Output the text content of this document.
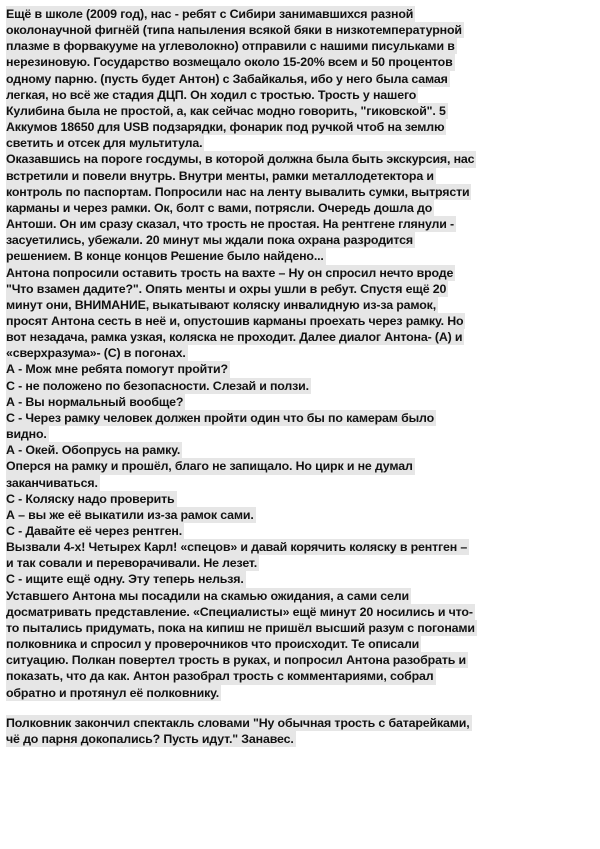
Ещё в школе (2009 год), нас - ребят с Сибири занимавшихся разной
околонаучной фигнёй (типа напыления всякой бяки в низкотемпературной
плазме в форвакууме на углеволокно) отправили с нашими писульками в
нерезиновую. Государство возмещало около 15-20% всем и 50 процентов
одному парню. (пусть будет Антон) с Забайкалья, ибо у него была самая
легкая, но всё же стадия ДЦП. Он ходил с тростью. Трость у нашего
Кулибина была не простой, а, как сейчас модно говорить, "гиковской". 5
Аккумов 18650 для USB подзарядки, фонарик под ручкой чтоб на землю
светить и отсек для мультитула.
Оказавшись на пороге госдумы, в которой должна была быть экскурсия, нас
встретили и повели внутрь. Внутри менты, рамки металлодетектора и
контроль по паспортам. Попросили нас на ленту вывалить сумки, вытрясти
карманы и через рамки. Ок, болт с вами, потрясли. Очередь дошла до
Антоши. Он им сразу сказал, что трость не простая. На рентгене глянули -
засуетились, убежали. 20 минут мы ждали пока охрана разродится
решением. В конце концов Решение было найдено...
Антона попросили оставить трость на вахте – Ну он спросил нечто вроде
"Что взамен дадите?". Опять менты и охры ушли в ребут. Спустя ещё 20
минут они, ВНИМАНИЕ, выкатывают коляску инвалидную из-за рамок,
просят Антона сесть в неё и, опустошив карманы проехать через рамку. Но
вот незадача, рамка узкая, коляска не проходит. Далее диалог Антона- (А) и
«сверхразума»- (С) в погонах.
А - Мож мне ребята помогут пройти?
С - не положено по безопасности. Слезай и ползи.
А - Вы нормальный вообще?
С - Через рамку человек должен пройти один что бы по камерам было
видно.
А - Окей. Обопрусь на рамку.
Оперся на рамку и прошёл, благо не запищало. Но цирк и не думал
заканчиваться.
С - Коляску надо проверить
А – вы же её выкатили из-за рамок сами.
С - Давайте её через рентген.
Вызвали 4-х! Четырех Карл! «спецов» и давай корячить коляску в рентген –
и так совали и переворачивали. Не лезет.
С - ищите ещё одну. Эту теперь нельзя.
Уставшего Антона мы посадили на скамью ожидания, а сами сели
досматривать представление. «Специалисты» ещё минут 20 носились и что-
то пытались придумать, пока на кипиш не пришёл высший разум с погонами
полковника и спросил у проверочников что происходит. Те описали
ситуацию. Полкан повертел трость в руках, и попросил Антона разобрать и
показать, что да как. Антон разобрал трость с комментариями, собрал
обратно и протянул её полковнику.
Полковник закончил спектакль словами "Ну обычная трость с батарейками,
чё до парня докопались? Пусть идут." Занавес.
